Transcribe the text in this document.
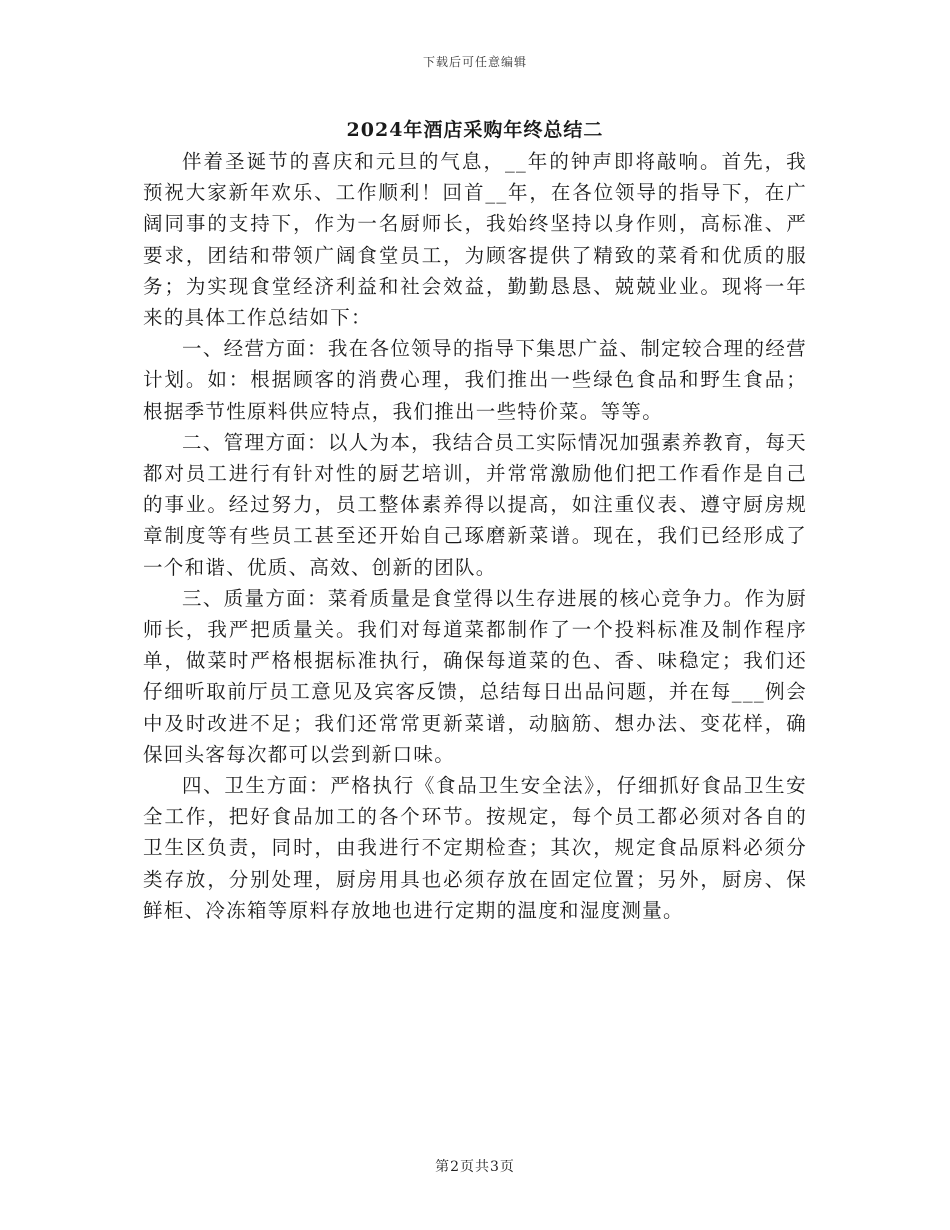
下载后可任意编辑
2024年酒店采购年终总结二

伴着圣诞节的喜庆和元旦的气息，__年的钟声即将敲响。首先，我预祝大家新年欢乐、工作顺利！回首__年，在各位领导的指导下，在广阔同事的支持下，作为一名厨师长，我始终坚持以身作则，高标准、严要求，团结和带领广阔食堂员工，为顾客提供了精致的菜肴和优质的服务；为实现食堂经济利益和社会效益，勤勤恳恳、兢兢业业。现将一年来的具体工作总结如下：

一、经营方面：我在各位领导的指导下集思广益、制定较合理的经营计划。如：根据顾客的消费心理，我们推出一些绿色食品和野生食品；根据季节性原料供应特点，我们推出一些特价菜。等等。

二、管理方面：以人为本，我结合员工实际情况加强素养教育，每天都对员工进行有针对性的厨艺培训，并常常激励他们把工作看作是自己的事业。经过努力，员工整体素养得以提高，如注重仪表、遵守厨房规章制度等有些员工甚至还开始自己琢磨新菜谱。现在，我们已经形成了一个和谐、优质、高效、创新的团队。

三、质量方面：菜肴质量是食堂得以生存进展的核心竞争力。作为厨师长，我严把质量关。我们对每道菜都制作了一个投料标准及制作程序单，做菜时严格根据标准执行，确保每道菜的色、香、味稳定；我们还仔细听取前厅员工意见及宾客反馈，总结每日出品问题，并在每___例会中及时改进不足；我们还常常更新菜谱，动脑筋、想办法、变花样，确保回头客每次都可以尝到新口味。

四、卫生方面：严格执行《食品卫生安全法》，仔细抓好食品卫生安全工作，把好食品加工的各个环节。按规定，每个员工都必须对各自的卫生区负责，同时，由我进行不定期检查；其次，规定食品原料必须分类存放，分别处理，厨房用具也必须存放在固定位置；另外，厨房、保鲜柜、冷冻箱等原料存放地也进行定期的温度和湿度测量。

第2页共3页
